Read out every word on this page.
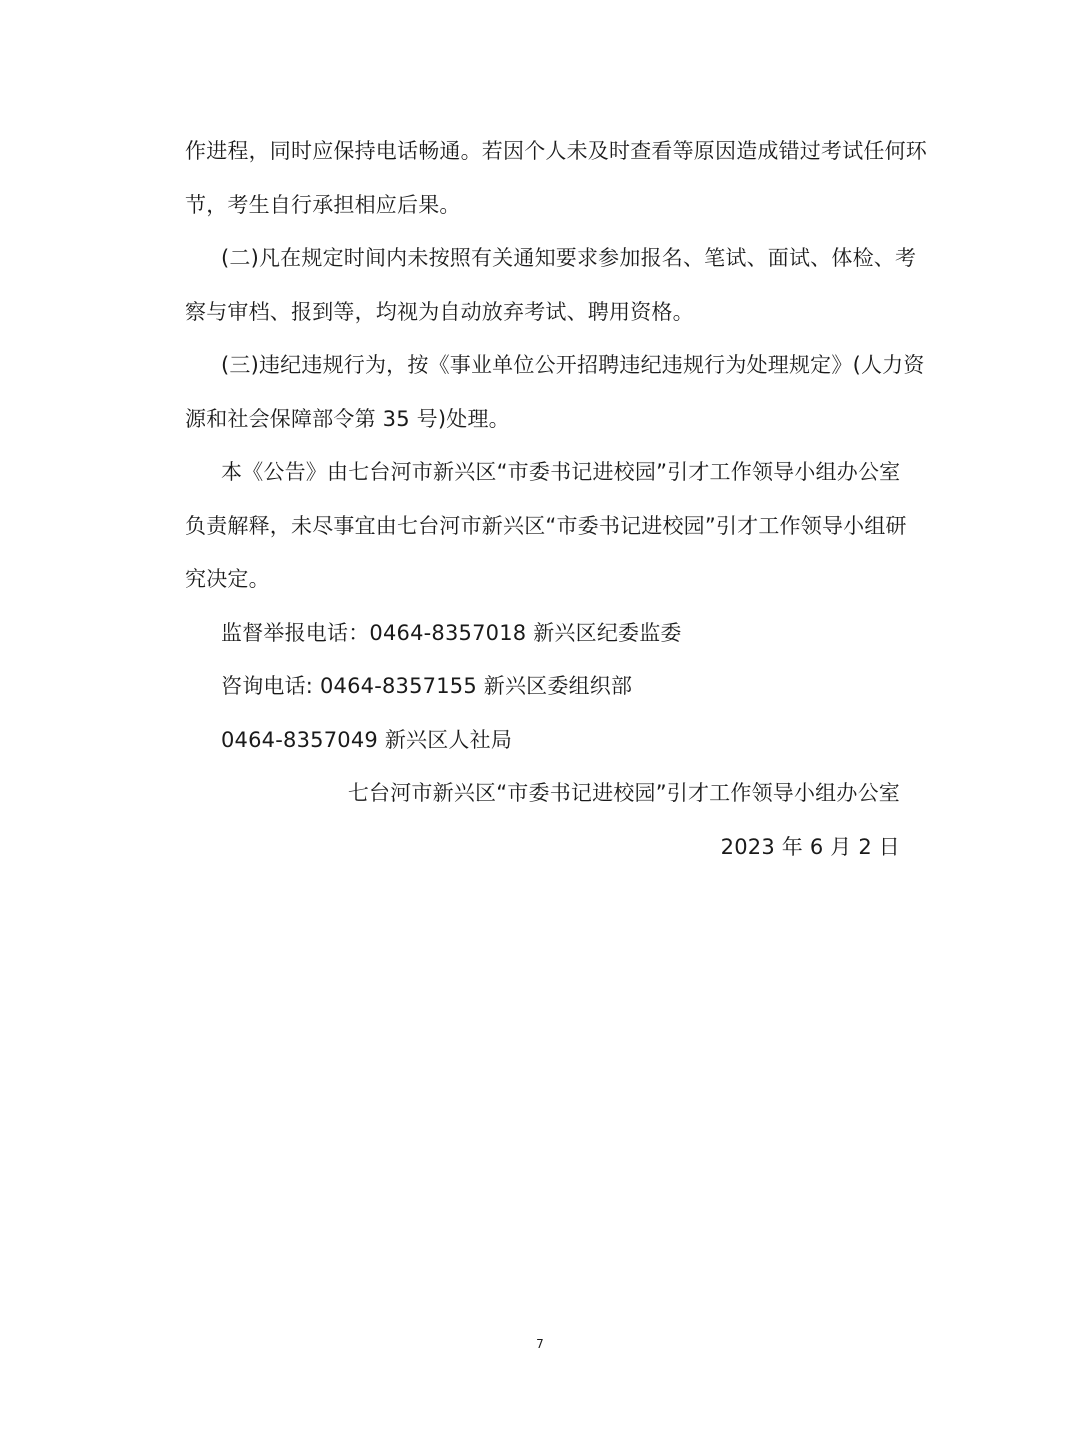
作进程，同时应保持电话畅通。若因个人未及时查看等原因造成错过考试任何环
节，考生自行承担相应后果。
(二)凡在规定时间内未按照有关通知要求参加报名、笔试、面试、体检、考
察与审档、报到等，均视为自动放弃考试、聘用资格。
(三)违纪违规行为，按《事业单位公开招聘违纪违规行为处理规定》(人力资
源和社会保障部令第 35 号)处理。
本《公告》由七台河市新兴区“市委书记进校园”引才工作领导小组办公室
负责解释，未尽事宜由七台河市新兴区“市委书记进校园”引才工作领导小组研
究决定。
监督举报电话：0464-8357018 新兴区纪委监委
咨询电话: 0464-8357155 新兴区委组织部
0464-8357049 新兴区人社局
七台河市新兴区“市委书记进校园”引才工作领导小组办公室
2023 年 6 月 2 日
7
